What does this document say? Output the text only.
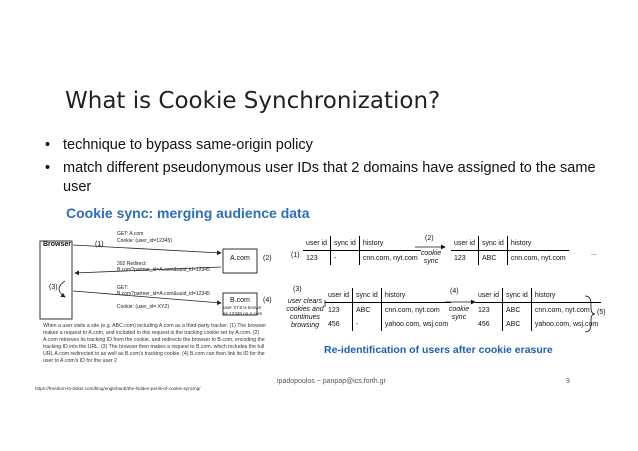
What is Cookie Synchronization?
• technique to bypass same-origin policy
• match different pseudonymous user IDs that 2 domains have assigned to the same user
Cookie sync: merging audience data
Browser	(1)
A.com (2)
(3)
B.com (4)
GET: A.com
Cookie: (user_id=12345)
302 Redirect:
B.com?partner_id=A.com&uuid_id=12345
GET:
B.com?partner_id=A.com&uuid_id=12345
Cookie: (user_id= XYZ)	user XYZ is known as 12345 on A.com
When a user visits a site (e.g. ABC.com) including A.com as a third-party tracker. (1) The browser makes a request to A.com, and included in this request is the tracking cookie set by A.com. (2) A.com retrieves its tracking ID from the cookie, and redirects the browser to B.com, encoding the tracking ID into the URL. (3) The browser then makes a request to B.com, which includes the full URL A.com redirected to as well as B.com's tracking cookie. (4) B.com can then link its ID for the user to A.com's ID for the user 2
https://freedom-to-tinker.com/blog/englehardt/the-hidden-perils-of-cookie-syncing/
(1)
user id	sync id	history
123	-	cnn.com, nyt.com
(2)
cookie sync
user id	sync id	history
123	ABC	cnn.com, nyt.com
...
(3)
user clears cookies and continues browsing
user id	sync id	history
123	ABC	cnn.com, nyt.com
456	-	yahoo.com, wsj.com
(4)
cookie sync
user id	sync id	history
123	ABC	cnn.com, nyt.com
456	ABC	yahoo.com, wsj.com
(5)
Re-identification of users after cookie erasure
ipadopoulos ~ panpap@ics.forth.gr	9
